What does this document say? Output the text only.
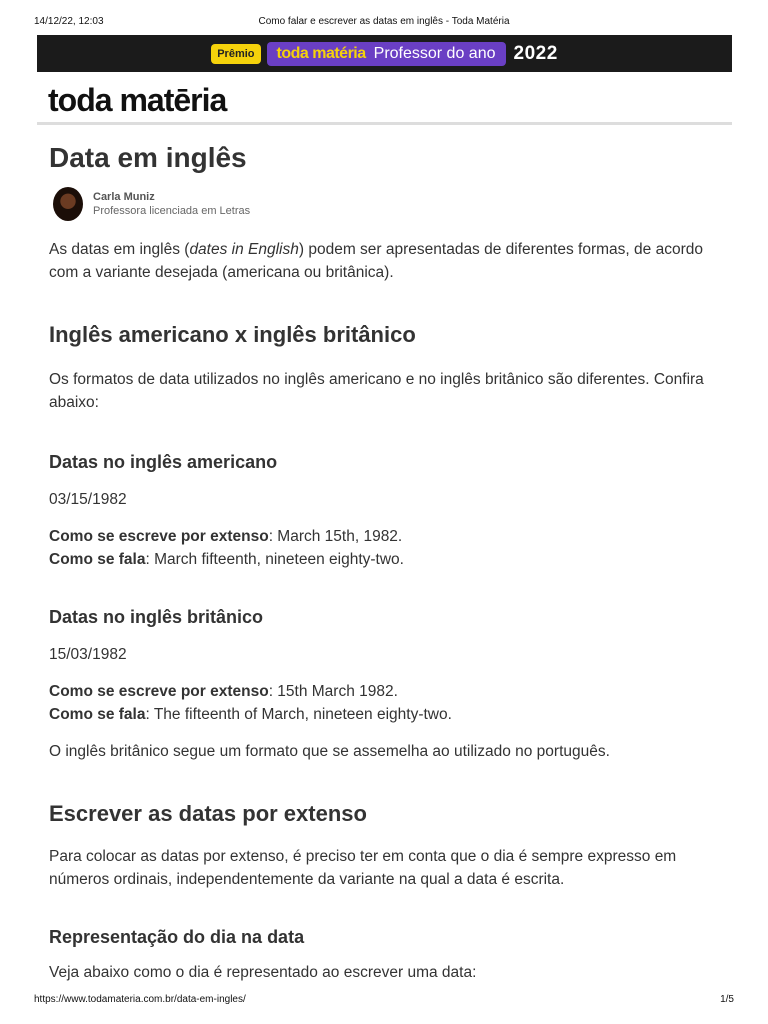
14/12/22, 12:03	Como falar e escrever as datas em inglês - Toda Matéria
Prêmio	toda matéria Professor do ano 2022
toda matēria
Data em inglês
Carla Muniz
Professora licenciada em Letras

As datas em inglês (dates in English) podem ser apresentadas de diferentes formas, de acordo com a variante desejada (americana ou britânica).

Inglês americano x inglês britânico

Os formatos de data utilizados no inglês americano e no inglês britânico são diferentes. Confira abaixo:

Datas no inglês americano

03/15/1982

Como se escreve por extenso: March 15th, 1982.

Como se fala: March fifteenth, nineteen eighty-two.

Datas no inglês britânico

15/03/1982

Como se escreve por extenso: 15th March 1982.

Como se fala: The fifteenth of March, nineteen eighty-two.

O inglês britânico segue um formato que se assemelha ao utilizado no português.

Escrever as datas por extenso

Para colocar as datas por extenso, é preciso ter em conta que o dia é sempre expresso em números ordinais, independentemente da variante na qual a data é escrita.

Representação do dia na data

Veja abaixo como o dia é representado ao escrever uma data:

https://www.todamateria.com.br/data-em-ingles/	1/5
